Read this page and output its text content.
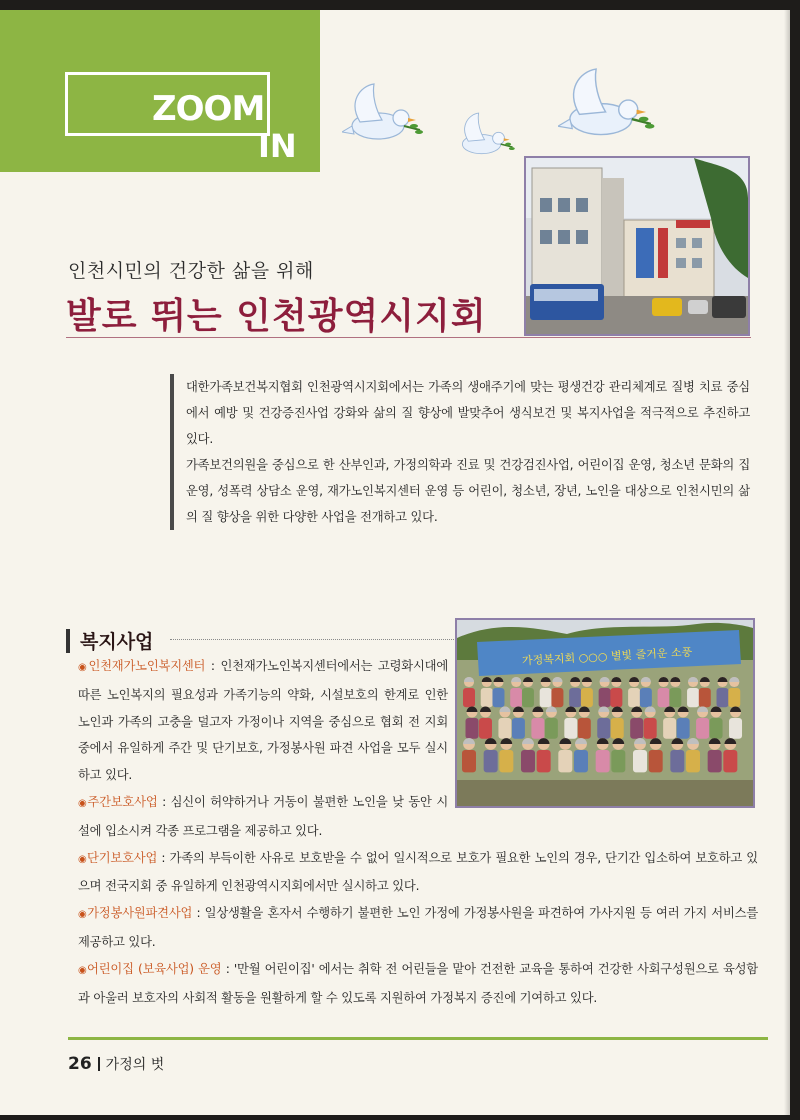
ZOOM
IN
인천시민의 건강한 삶을 위해
발로 뛰는 인천광역시지회

대한가족보건복지협회 인천광역시지회에서는 가족의 생애주기에 맞는 평생건강 관리체계로 질병 치료 중심에서 예방 및 건강증진사업 강화와 삶의 질 향상에 발맞추어 생식보건 및 복지사업을 적극적으로 추진하고 있다.

가족보건의원을 중심으로 한 산부인과, 가정의학과 진료 및 건강검진사업, 어린이집 운영, 청소년 문화의 집 운영, 성폭력 상담소 운영, 재가노인복지센터 운영 등 어린이, 청소년, 장년, 노인을 대상으로 인천시민의 삶의 질 향상을 위한 다양한 사업을 전개하고 있다.

복지사업
가정복지회 ○○○ 별빛 즐거운 소풍
◉ 인천재가노인복지센터 : 인천재가노인복지센터에서는 고령화시대에 따른 노인복지의 필요성과 가족기능의 약화, 시설보호의 한계로 인한 노인과 가족의 고충을 덜고자 가정이나 지역을 중심으로 협회 전 지회 중에서 유일하게 주간 및 단기보호, 가정봉사원 파견 사업을 모두 실시하고 있다.
◉ 주간보호사업 : 심신이 허약하거나 거동이 불편한 노인을 낮 동안 시설에 입소시켜 각종 프로그램을 제공하고 있다.
◉ 단기보호사업 : 가족의 부득이한 사유로 보호받을 수 없어 일시적으로 보호가 필요한 노인의 경우, 단기간 입소하여 보호하고 있으며 전국지회 중 유일하게 인천광역시지회에서만 실시하고 있다.
◉ 가정봉사원파견사업 : 일상생활을 혼자서 수행하기 불편한 노인 가정에 가정봉사원을 파견하여 가사지원 등 여러 가지 서비스를 제공하고 있다.
◉ 어린이집 (보육사업) 운영 : '만월 어린이집' 에서는 취학 전 어린들을 맡아 건전한 교육을 통하여 건강한 사회구성원으로 육성함과 아울러 보호자의 사회적 활동을 원활하게 할 수 있도록 지원하여 가정복지 증진에 기여하고 있다.
26 가정의 벗
